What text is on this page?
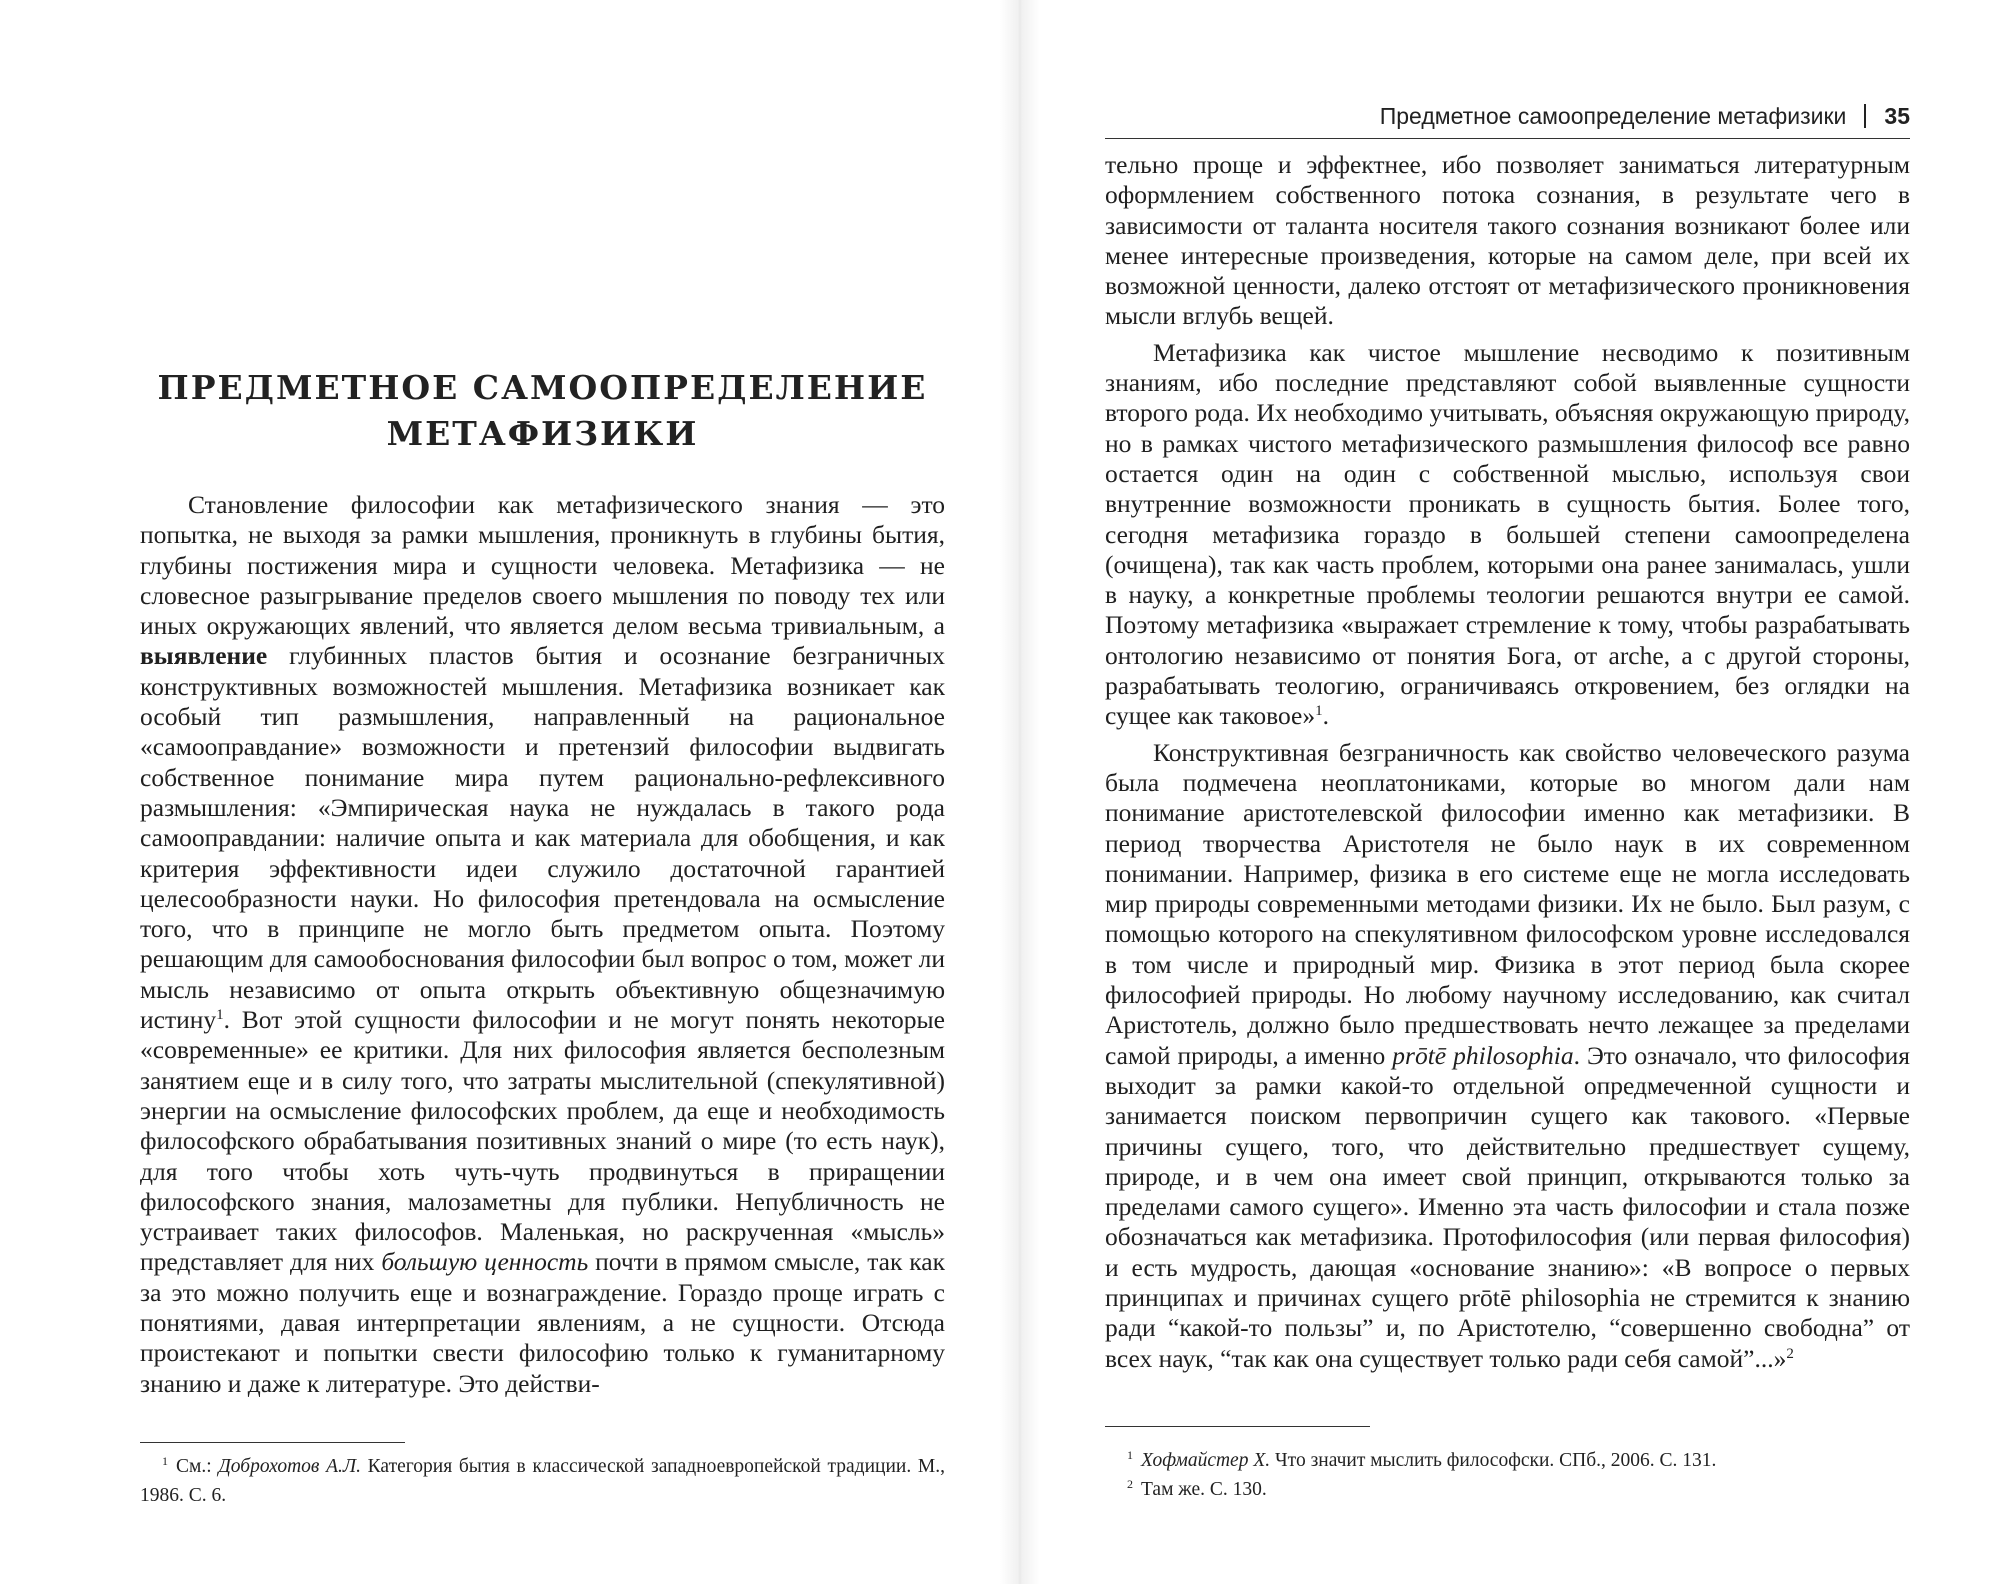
ПРЕДМЕТНОЕ САМООПРЕДЕЛЕНИЕ
МЕТАФИЗИКИ

Становление философии как метафизического знания — это попытка, не выходя за рамки мышления, проникнуть в глубины бытия, глубины постижения мира и сущности человека. Метафизика — не словесное разыгрывание пределов своего мышления по поводу тех или иных окружающих явлений, что является делом весьма тривиальным, а выявление глубинных пластов бытия и осознание безграничных конструктивных возможностей мышления. Метафизика возникает как особый тип размышления, направленный на рациональное «самооправдание» возможности и претензий философии выдвигать собственное понимание мира путем рационально-рефлексивного размышления: «Эмпирическая наука не нуждалась в такого рода самооправдании: наличие опыта и как материала для обобщения, и как критерия эффективности идеи служило достаточной гарантией целесообразности науки. Но философия претендовала на осмысление того, что в принципе не могло быть предметом опыта. Поэтому решающим для самообоснования философии был вопрос о том, может ли мысль независимо от опыта открыть объективную общезначимую истину$^1$. Вот этой сущности философии и не могут понять некоторые «современные» ее критики. Для них философия является бесполезным занятием еще и в силу того, что затраты мыслительной (спекулятивной) энергии на осмысление философских проблем, да еще и необходимость философского обрабатывания позитивных знаний о мире (то есть наук), для того чтобы хоть чуть-чуть продвинуться в приращении философского знания, малозаметны для публики. Непубличность не устраивает таких философов. Маленькая, но раскрученная «мысль» представляет для них большую ценность почти в прямом смысле, так как за это можно получить еще и вознаграждение. Гораздо проще играть с понятиями, давая интерпретации явлениям, а не сущности. Отсюда проистекают и попытки свести философию только к гуманитарному знанию и даже к литературе. Это действи-

$^1$ См.: Доброхотов А.Л. Категория бытия в классической западноевропейской традиции. М., 1986. С. 6.

Предметное самоопределение метафизики 35

тельно проще и эффектнее, ибо позволяет заниматься литературным оформлением собственного потока сознания, в результате чего в зависимости от таланта носителя такого сознания возникают более или менее интересные произведения, которые на самом деле, при всей их возможной ценности, далеко отстоят от метафизического проникновения мысли вглубь вещей.

Метафизика как чистое мышление несводимо к позитивным знаниям, ибо последние представляют собой выявленные сущности второго рода. Их необходимо учитывать, объясняя окружающую природу, но в рамках чистого метафизического размышления философ все равно остается один на один с собственной мыслью, используя свои внутренние возможности проникать в сущность бытия. Более того, сегодня метафизика гораздо в большей степени самоопределена (очищена), так как часть проблем, которыми она ранее занималась, ушли в науку, а конкретные проблемы теологии решаются внутри ее самой. Поэтому метафизика «выражает стремление к тому, чтобы разрабатывать онтологию независимо от понятия Бога, от arche, а с другой стороны, разрабатывать теологию, ограничиваясь откровением, без оглядки на сущее как таковое»$^1$.

Конструктивная безграничность как свойство человеческого разума была подмечена неоплатониками, которые во многом дали нам понимание аристотелевской философии именно как метафизики. В период творчества Аристотеля не было наук в их современном понимании. Например, физика в его системе еще не могла исследовать мир природы современными методами физики. Их не было. Был разум, с помощью которого на спекулятивном философском уровне исследовался в том числе и природный мир. Физика в этот период была скорее философией природы. Но любому научному исследованию, как считал Аристотель, должно было предшествовать нечто лежащее за пределами самой природы, а именно prōtē philosophia. Это означало, что философия выходит за рамки какой-то отдельной опредмеченной сущности и занимается поиском первопричин сущего как такового. «Первые причины сущего, того, что действительно предшествует сущему, природе, и в чем она имеет свой принцип, открываются только за пределами самого сущего». Именно эта часть философии и стала позже обозначаться как метафизика. Протофилософия (или первая философия) и есть мудрость, дающая «основание знанию»: «В вопросе о первых принципах и причинах сущего prōtē philosophia не стремится к знанию ради “какой-то пользы” и, по Аристотелю, “совершенно свободна” от всех наук, “так как она существует только ради себя самой”...»$^2$

$^1$ Хофмайстер Х. Что значит мыслить философски. СПб., 2006. С. 131.

$^2$ Там же. С. 130.
